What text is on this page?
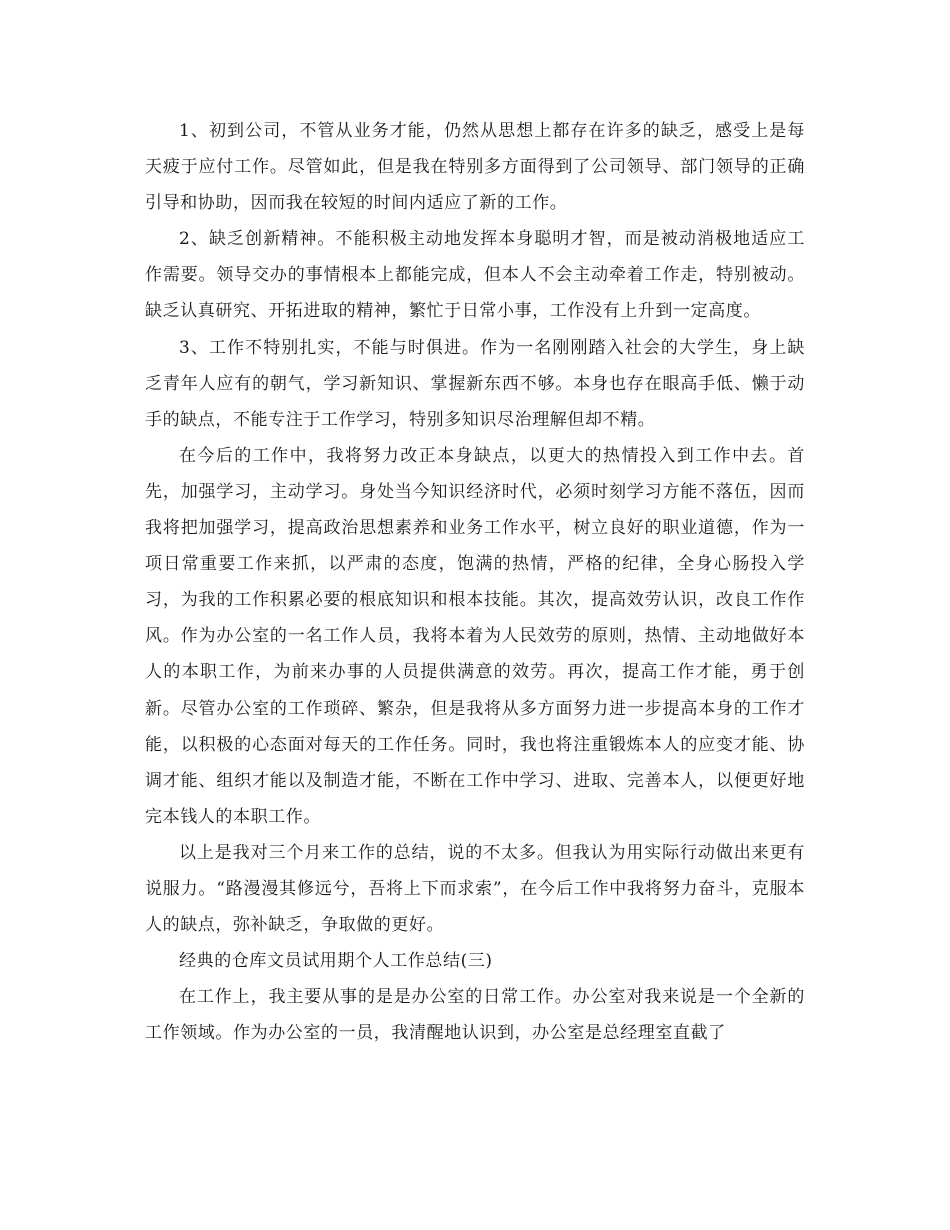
1、初到公司，不管从业务才能，仍然从思想上都存在许多的缺乏，感受上是每天疲于应付工作。尽管如此，但是我在特别多方面得到了公司领导、部门领导的正确引导和协助，因而我在较短的时间内适应了新的工作。

2、缺乏创新精神。不能积极主动地发挥本身聪明才智，而是被动消极地适应工作需要。领导交办的事情根本上都能完成，但本人不会主动牵着工作走，特别被动。缺乏认真研究、开拓进取的精神，繁忙于日常小事，工作没有上升到一定高度。

3、工作不特别扎实，不能与时俱进。作为一名刚刚踏入社会的大学生，身上缺乏青年人应有的朝气，学习新知识、掌握新东西不够。本身也存在眼高手低、懒于动手的缺点，不能专注于工作学习，特别多知识尽治理解但却不精。

在今后的工作中，我将努力改正本身缺点，以更大的热情投入到工作中去。首先，加强学习，主动学习。身处当今知识经济时代，必须时刻学习方能不落伍，因而我将把加强学习，提高政治思想素养和业务工作水平，树立良好的职业道德，作为一项日常重要工作来抓，以严肃的态度，饱满的热情，严格的纪律，全身心肠投入学习，为我的工作积累必要的根底知识和根本技能。其次，提高效劳认识，改良工作作风。作为办公室的一名工作人员，我将本着为人民效劳的原则，热情、主动地做好本人的本职工作，为前来办事的人员提供满意的效劳。再次，提高工作才能，勇于创新。尽管办公室的工作琐碎、繁杂，但是我将从多方面努力进一步提高本身的工作才能，以积极的心态面对每天的工作任务。同时，我也将注重锻炼本人的应变才能、协调才能、组织才能以及制造才能，不断在工作中学习、进取、完善本人，以便更好地完本钱人的本职工作。

以上是我对三个月来工作的总结，说的不太多。但我认为用实际行动做出来更有说服力。“路漫漫其修远兮，吾将上下而求索”，在今后工作中我将努力奋斗，克服本人的缺点，弥补缺乏，争取做的更好。

经典的仓库文员试用期个人工作总结(三)

在工作上，我主要从事的是是办公室的日常工作。办公室对我来说是一个全新的工作领域。作为办公室的一员，我清醒地认识到，办公室是总经理室直截了
